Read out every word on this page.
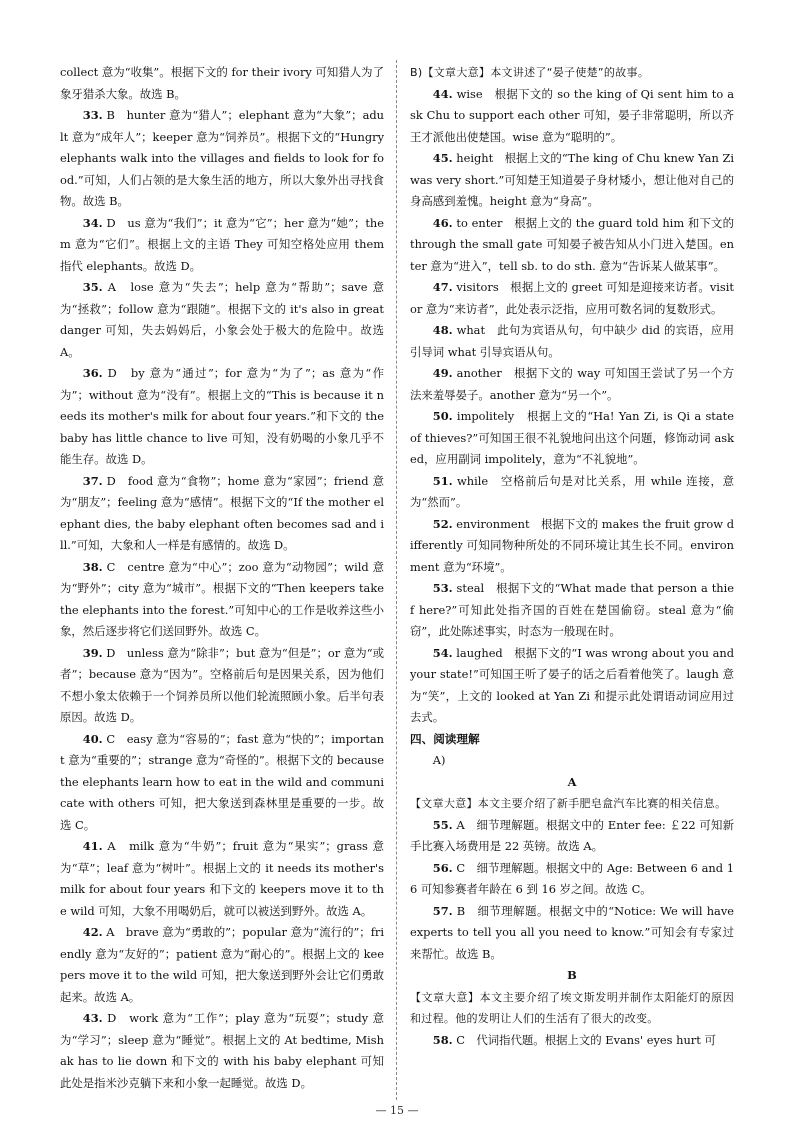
collect 意为“收集”。根据下文的 for their ivory 可知猎人为了象牙猎杀大象。故选 B。

33. B　hunter 意为“猎人”；elephant 意为“大象”；adult 意为“成年人”；keeper 意为“饲养员”。根据下文的“Hungry elephants walk into the villages and fields to look for food.”可知，人们占领的是大象生活的地方，所以大象外出寻找食物。故选 B。

34. D　us 意为“我们”；it 意为“它”；her 意为“她”；them 意为“它们”。根据上文的主语 They 可知空格处应用 them 指代 elephants。故选 D。

35. A　lose 意为“失去”；help 意为“帮助”；save 意为“拯救”；follow 意为“跟随”。根据下文的 it's also in great danger 可知，失去妈妈后，小象会处于极大的危险中。故选 A。

36. D　by 意为“通过”；for 意为“为了”；as 意为“作为”；without 意为“没有”。根据上文的“This is because it needs its mother's milk for about four years.”和下文的 the baby has little chance to live 可知，没有奶喝的小象几乎不能生存。故选 D。

37. D　food 意为“食物”；home 意为“家园”；friend 意为“朋友”；feeling 意为“感情”。根据下文的“If the mother elephant dies, the baby elephant often becomes sad and ill.”可知，大象和人一样是有感情的。故选 D。

38. C　centre 意为“中心”；zoo 意为“动物园”；wild 意为“野外”；city 意为“城市”。根据下文的“Then keepers take the elephants into the forest.”可知中心的工作是收养这些小象，然后逐步将它们送回野外。故选 C。

39. D　unless 意为“除非”；but 意为“但是”；or 意为“或者”；because 意为“因为”。空格前后句是因果关系，因为他们不想小象太依赖于一个饲养员所以他们轮流照顾小象。后半句表原因。故选 D。

40. C　easy 意为“容易的”；fast 意为“快的”；important 意为“重要的”；strange 意为“奇怪的”。根据下文的 because the elephants learn how to eat in the wild and communicate with others 可知，把大象送到森林里是重要的一步。故选 C。

41. A　milk 意为“牛奶”；fruit 意为“果实”；grass 意为“草”；leaf 意为“树叶”。根据上文的 it needs its mother's milk for about four years 和下文的 keepers move it to the wild 可知，大象不用喝奶后，就可以被送到野外。故选 A。

42. A　brave 意为“勇敢的”；popular 意为“流行的”；friendly 意为“友好的”；patient 意为“耐心的”。根据上文的 keepers move it to the wild 可知，把大象送到野外会让它们勇敢起来。故选 A。

43. D　work 意为“工作”；play 意为“玩耍”；study 意为“学习”；sleep 意为“睡觉”。根据上文的 At bedtime, Mishak has to lie down 和下文的 with his baby elephant 可知此处是指米沙克躺下来和小象一起睡觉。故选 D。

B)【文章大意】本文讲述了“晏子使楚”的故事。

44. wise　根据下文的 so the king of Qi sent him to ask Chu to support each other 可知，晏子非常聪明，所以齐王才派他出使楚国。wise 意为“聪明的”。

45. height　根据上文的“The king of Chu knew Yan Zi was very short.”可知楚王知道晏子身材矮小，想让他对自己的身高感到羞愧。height 意为“身高”。

46. to enter　根据上文的 the guard told him 和下文的 through the small gate 可知晏子被告知从小门进入楚国。enter 意为“进入”，tell sb. to do sth. 意为“告诉某人做某事”。

47. visitors　根据上文的 greet 可知是迎接来访者。visitor 意为“来访者”，此处表示泛指，应用可数名词的复数形式。

48. what　此句为宾语从句，句中缺少 did 的宾语，应用引导词 what 引导宾语从句。

49. another　根据下文的 way 可知国王尝试了另一个方法来羞辱晏子。another 意为“另一个”。

50. impolitely　根据上文的“Ha! Yan Zi, is Qi a state of thieves?”可知国王很不礼貌地问出这个问题，修饰动词 asked，应用副词 impolitely，意为“不礼貌地”。

51. while　空格前后句是对比关系，用 while 连接，意为“然而”。

52. environment　根据下文的 makes the fruit grow differently 可知同物种所处的不同环境让其生长不同。environment 意为“环境”。

53. steal　根据下文的“What made that person a thief here?”可知此处指齐国的百姓在楚国偷窃。steal 意为“偷窃”，此处陈述事实，时态为一般现在时。

54. laughed　根据下文的“I was wrong about you and your state!”可知国王听了晏子的话之后看着他笑了。laugh 意为“笑”，上文的 looked at Yan Zi 和提示此处谓语动词应用过去式。

四、阅读理解

A)

A

【文章大意】本文主要介绍了新手肥皂盒汽车比赛的相关信息。

55. A　细节理解题。根据文中的 Enter fee: ￡22 可知新手比赛入场费用是 22 英镑。故选 A。

56. C　细节理解题。根据文中的 Age: Between 6 and 16 可知参赛者年龄在 6 到 16 岁之间。故选 C。

57. B　细节理解题。根据文中的“Notice: We will have experts to tell you all you need to know.”可知会有专家过来帮忙。故选 B。

B

【文章大意】本文主要介绍了埃文斯发明并制作太阳能灯的原因和过程。他的发明让人们的生活有了很大的改变。

58. C　代词指代题。根据上文的 Evans' eyes hurt 可

— 15 —
